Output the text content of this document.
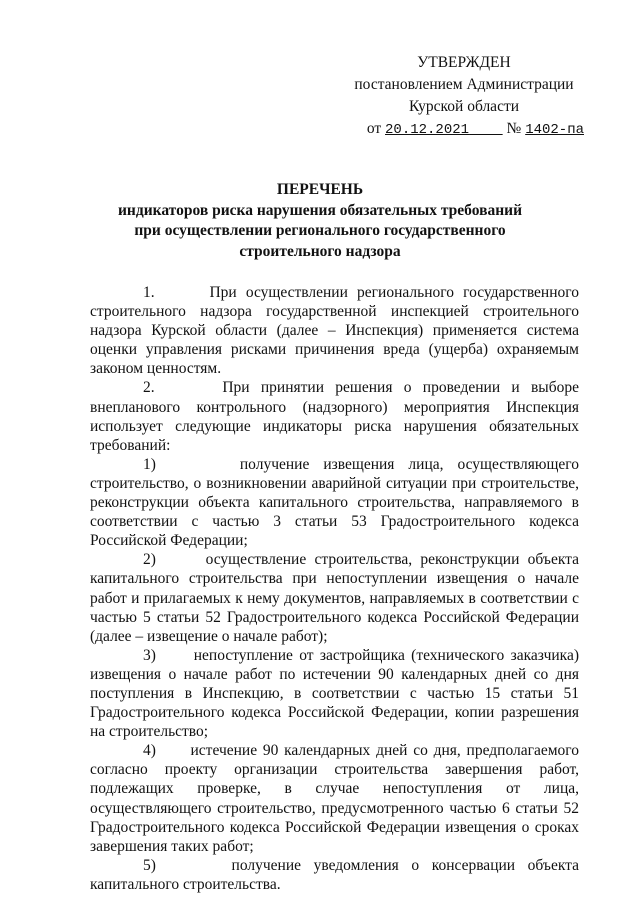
УТВЕРЖДЕН
постановлением Администрации
Курской области
от 20.12.2021 № 1402-па
ПЕРЕЧЕНЬ
индикаторов риска нарушения обязательных требований
при осуществлении регионального государственного
строительного надзора

1.      При осуществлении регионального государственного строительного надзора государственной инспекцией строительного надзора Курской области (далее – Инспекция) применяется система оценки управления рисками причинения вреда (ущерба) охраняемым законом ценностям.

2.      При принятии решения о проведении и выборе внепланового контрольного (надзорного) мероприятия Инспекция использует следующие индикаторы риска нарушения обязательных требований:

1)      получение извещения лица, осуществляющего строительство, о возникновении аварийной ситуации при строительстве, реконструкции объекта капитального строительства, направляемого в соответствии с частью 3 статьи 53 Градостроительного кодекса Российской Федерации;

2)      осуществление строительства, реконструкции объекта капитального строительства при непоступлении извещения о начале работ и прилагаемых к нему документов, направляемых в соответствии с частью 5 статьи 52 Градостроительного кодекса Российской Федерации (далее – извещение о начале работ);

3)      непоступление от застройщика (технического заказчика) извещения о начале работ по истечении 90 календарных дней со дня поступления в Инспекцию, в соответствии с частью 15 статьи 51 Градостроительного кодекса Российской Федерации, копии разрешения на строительство;

4)      истечение 90 календарных дней со дня, предполагаемого согласно проекту организации строительства завершения работ, подлежащих проверке, в случае непоступления от лица, осуществляющего строительство, предусмотренного частью 6 статьи 52 Градостроительного кодекса Российской Федерации извещения о сроках завершения таких работ;

5)      получение уведомления о консервации объекта капитального строительства.
